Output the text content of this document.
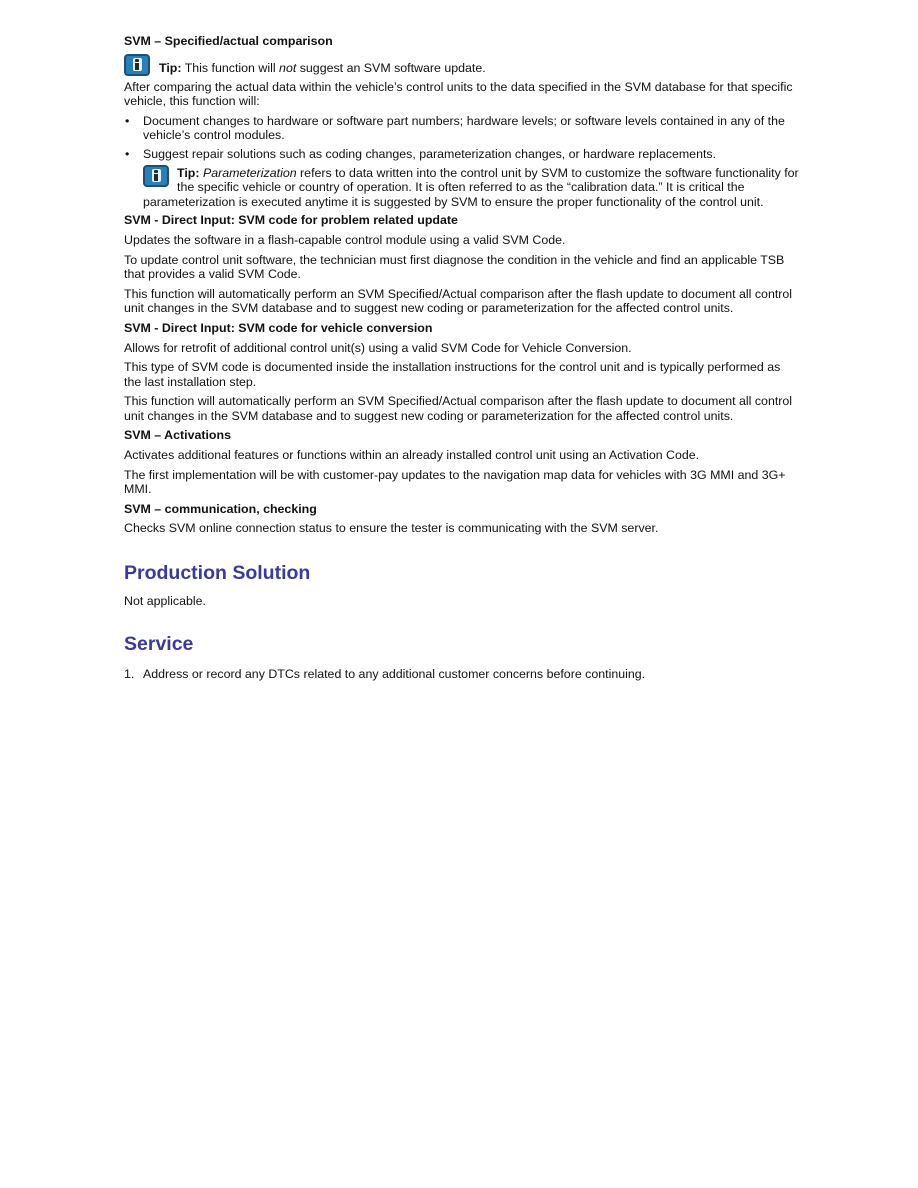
SVM – Specified/actual comparison
Tip: This function will not suggest an SVM software update.
After comparing the actual data within the vehicle’s control units to the data specified in the SVM database for that specific vehicle, this function will:
• Document changes to hardware or software part numbers; hardware levels; or software levels contained in any of the vehicle’s control modules.
• Suggest repair solutions such as coding changes, parameterization changes, or hardware replacements.
Tip: Parameterization refers to data written into the control unit by SVM to customize the software functionality for the specific vehicle or country of operation. It is often referred to as the “calibration data.” It is critical the parameterization is executed anytime it is suggested by SVM to ensure the proper functionality of the control unit.
SVM - Direct Input: SVM code for problem related update
Updates the software in a flash-capable control module using a valid SVM Code.
To update control unit software, the technician must first diagnose the condition in the vehicle and find an applicable TSB that provides a valid SVM Code.
This function will automatically perform an SVM Specified/Actual comparison after the flash update to document all control unit changes in the SVM database and to suggest new coding or parameterization for the affected control units.
SVM - Direct Input: SVM code for vehicle conversion
Allows for retrofit of additional control unit(s) using a valid SVM Code for Vehicle Conversion.
This type of SVM code is documented inside the installation instructions for the control unit and is typically performed as the last installation step.
This function will automatically perform an SVM Specified/Actual comparison after the flash update to document all control unit changes in the SVM database and to suggest new coding or parameterization for the affected control units.
SVM – Activations
Activates additional features or functions within an already installed control unit using an Activation Code.
The first implementation will be with customer-pay updates to the navigation map data for vehicles with 3G MMI and 3G+ MMI.
SVM – communication, checking
Checks SVM online connection status to ensure the tester is communicating with the SVM server.
Production Solution
Not applicable.
Service
1. Address or record any DTCs related to any additional customer concerns before continuing.
